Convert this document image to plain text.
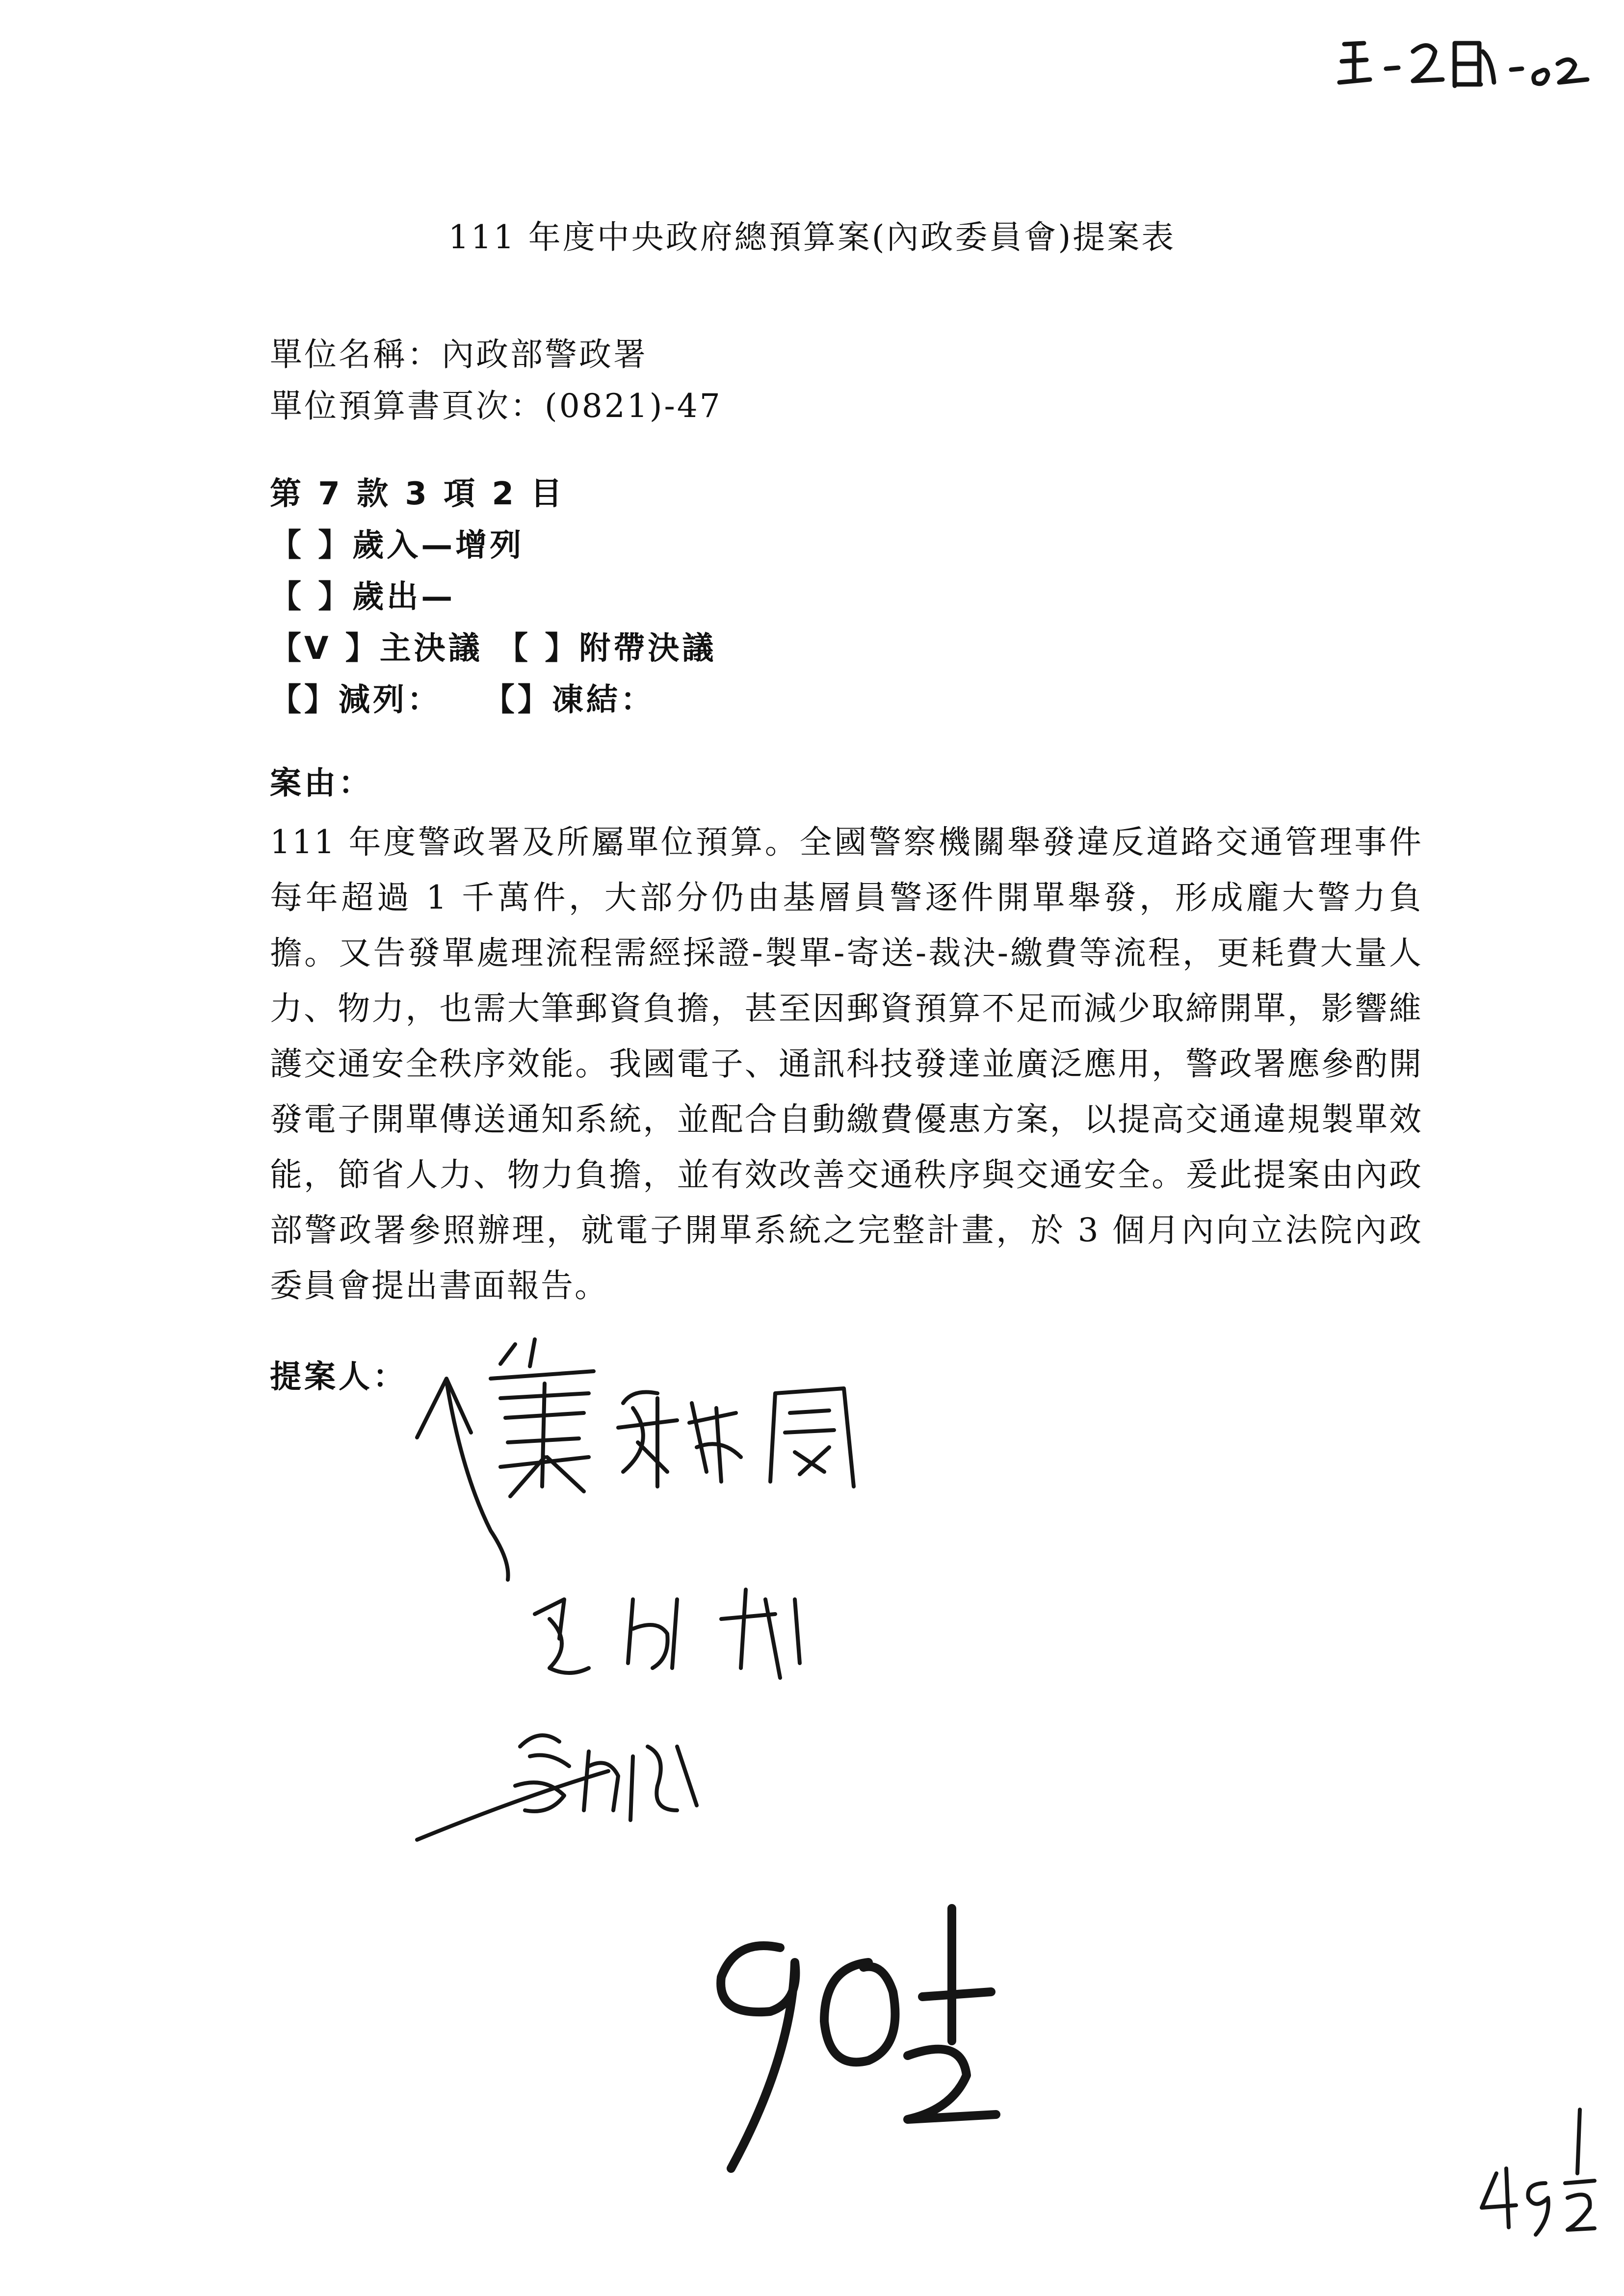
111 年度中央政府總預算案(內政委員會)提案表
單位名稱：內政部警政署
單位預算書頁次：(0821)-47
第 7 款 3 項 2 目
【 】歲入—增列
【 】歲出—
【V 】主決議 【 】附帶決議
【】減列：   【】凍結：
案由：
111 年度警政署及所屬單位預算。全國警察機關舉發違反道路交通管理事件每年超過 1 千萬件，大部分仍由基層員警逐件開單舉發，形成龐大警力負擔。又告發單處理流程需經採證-製單-寄送-裁決-繳費等流程，更耗費大量人力、物力，也需大筆郵資負擔，甚至因郵資預算不足而減少取締開單，影響維護交通安全秩序效能。我國電子、通訊科技發達並廣泛應用，警政署應參酌開發電子開單傳送通知系統，並配合自動繳費優惠方案，以提高交通違規製單效能，節省人力、物力負擔，並有效改善交通秩序與交通安全。爰此提案由內政部警政署參照辦理，就電子開單系統之完整計畫，於 3 個月內向立法院內政委員會提出書面報告。
提案人：
